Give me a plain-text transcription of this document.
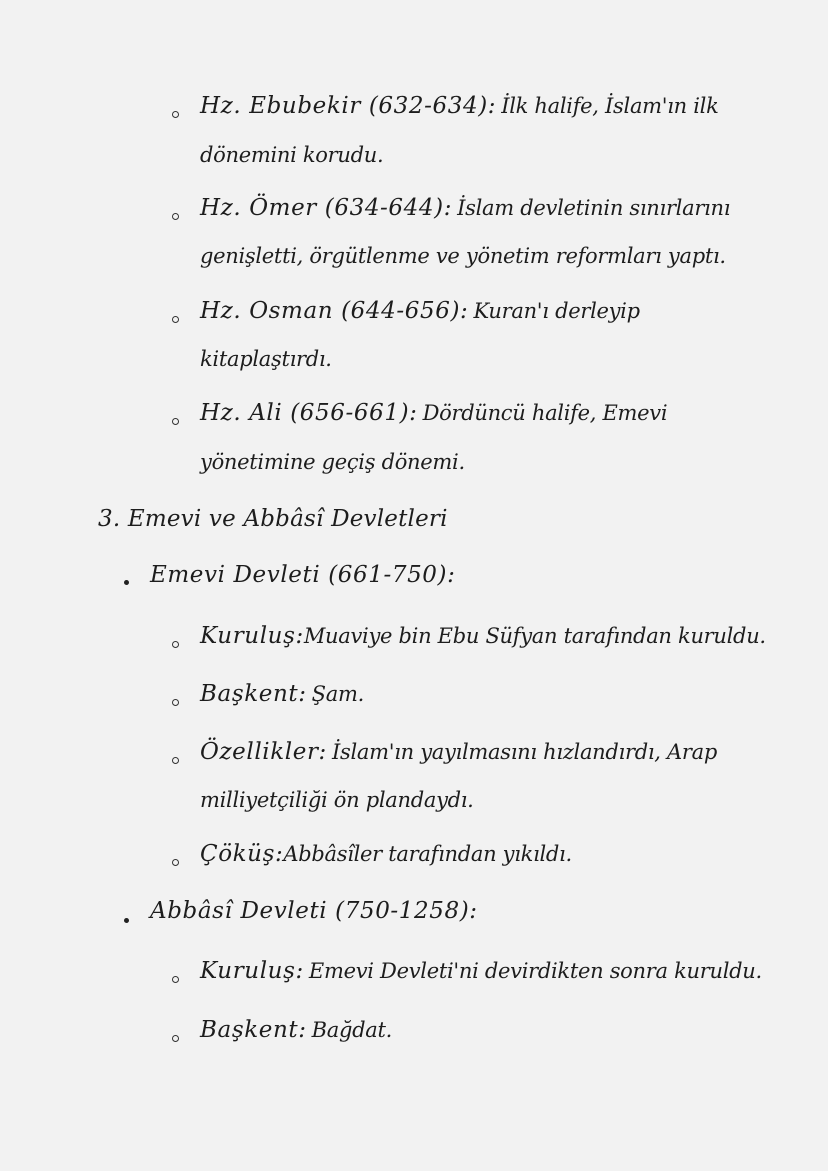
Hz. Ebubekir (632-634): İlk halife, İslam'ın ilk
dönemini korudu.
Hz. Ömer (634-644): İslam devletinin sınırlarını
genişletti, örgütlenme ve yönetim reformları yaptı.
Hz. Osman (644-656): Kuran'ı derleyip
kitaplaştırdı.
Hz. Ali (656-661): Dördüncü halife, Emevi
yönetimine geçiş dönemi.
3. Emevi ve Abbâsî Devletleri
Emevi Devleti (661-750):
Kuruluş:Muaviye bin Ebu Süfyan tarafından kuruldu.
Başkent: Şam.
Özellikler: İslam'ın yayılmasını hızlandırdı, Arap
milliyetçiliği ön plandaydı.
Çöküş:Abbâsîler tarafından yıkıldı.
Abbâsî Devleti (750-1258):
Kuruluş: Emevi Devleti'ni devirdikten sonra kuruldu.
Başkent: Bağdat.
